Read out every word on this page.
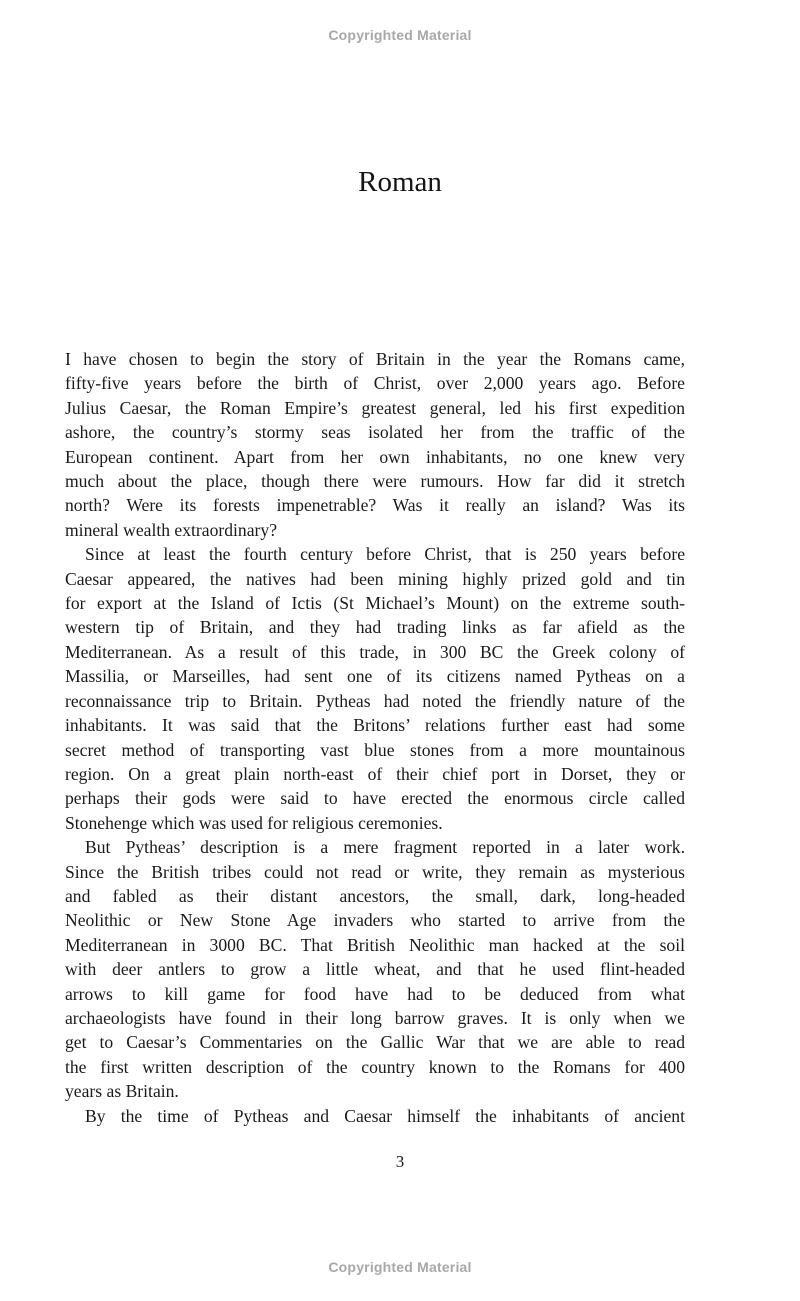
Copyrighted Material
Roman

I have chosen to begin the story of Britain in the year the Romans came,
fifty-five years before the birth of Christ, over 2,000 years ago. Before
Julius Caesar, the Roman Empire’s greatest general, led his first expedition
ashore, the country’s stormy seas isolated her from the traffic of the
European continent. Apart from her own inhabitants, no one knew very
much about the place, though there were rumours. How far did it stretch
north? Were its forests impenetrable? Was it really an island? Was its
mineral wealth extraordinary?

Since at least the fourth century before Christ, that is 250 years before
Caesar appeared, the natives had been mining highly prized gold and tin
for export at the Island of Ictis (St Michael’s Mount) on the extreme south-
western tip of Britain, and they had trading links as far afield as the
Mediterranean. As a result of this trade, in 300 BC the Greek colony of
Massilia, or Marseilles, had sent one of its citizens named Pytheas on a
reconnaissance trip to Britain. Pytheas had noted the friendly nature of the
inhabitants. It was said that the Britons’ relations further east had some
secret method of transporting vast blue stones from a more mountainous
region. On a great plain north-east of their chief port in Dorset, they or
perhaps their gods were said to have erected the enormous circle called
Stonehenge which was used for religious ceremonies.

But Pytheas’ description is a mere fragment reported in a later work.
Since the British tribes could not read or write, they remain as mysterious
and fabled as their distant ancestors, the small, dark, long-headed
Neolithic or New Stone Age invaders who started to arrive from the
Mediterranean in 3000 BC. That British Neolithic man hacked at the soil
with deer antlers to grow a little wheat, and that he used flint-headed
arrows to kill game for food have had to be deduced from what
archaeologists have found in their long barrow graves. It is only when we
get to Caesar’s Commentaries on the Gallic War that we are able to read
the first written description of the country known to the Romans for 400
years as Britain.

By the time of Pytheas and Caesar himself the inhabitants of ancient

3
Copyrighted Material
